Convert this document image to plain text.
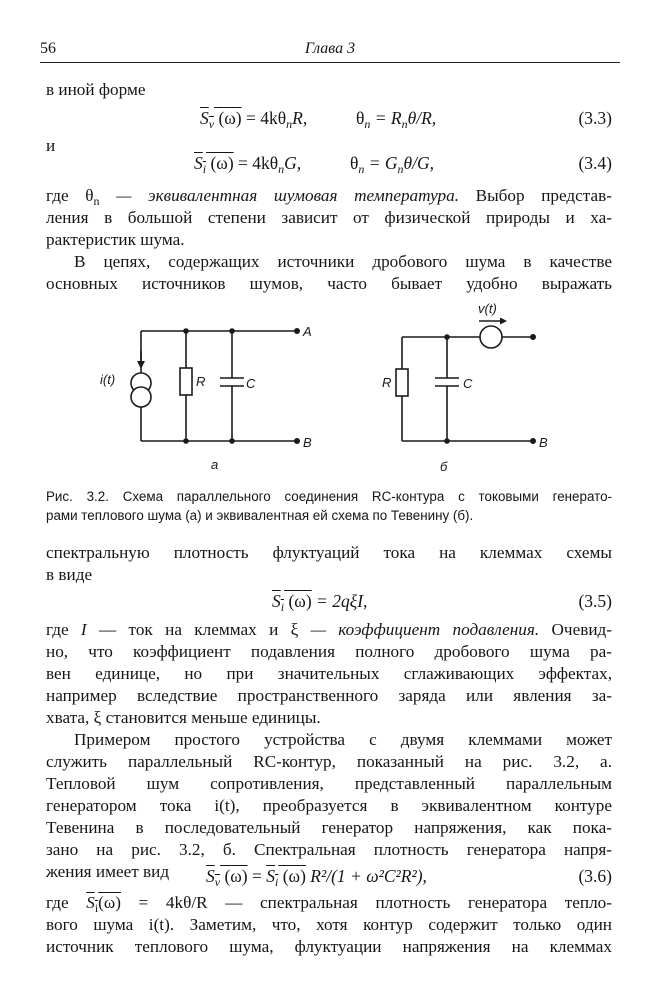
56	Глава 3
в иной форме
$S_v$ $(\omega) = 4k\theta_nR$,	$\theta_n = R_n\theta/R$,	(3.3)
и
$S_i$ $(\omega) = 4k\theta_nG$,	$\theta_n = G_n\theta/G$,	(3.4)
где $\theta_n$ — эквивалентная шумовая температура. Выбор представ-
ления в большой степени зависит от физической природы и ха-
рактеристик шума.
В цепях, содержащих источники дробового шума в качестве
основных источников шумов, часто бывает удобно выражать
A
B
i(t)	R	C
а
B
R	C
v(t)
б
Рис. 3.2. Схема параллельного соединения RC-контура с токовыми генерато-
рами теплового шума (а) и эквивалентная ей схема по Тевенину (б).
спектральную плотность флуктуаций тока на клеммах схемы
в виде
$S_i$ (ω) = 2qξI,	(3.5)
где I — ток на клеммах и ξ — коэффициент подавления. Очевид-
но, что коэффициент подавления полного дробового шума ра-
вен единице, но при значительных сглаживающих эффектах,
например вследствие пространственного заряда или явления за-
хвата, ξ становится меньше единицы.
Примером простого устройства с двумя клеммами может
служить параллельный RC-контур, показанный на рис. 3.2, а.
Тепловой шум сопротивления, представленный параллельным
генератором тока i(t), преобразуется в эквивалентном контуре
Тевенина в последовательный генератор напряжения, как пока-
зано на рис. 3.2, б. Спектральная плотность генератора напря-
жения имеет вид	$S_v$ $(\omega) = S_i$ (ω) R²/(1 + ω²C²R²),	(3.6)
где $S_i(\omega) = 4k\theta/R$ — спектральная плотность генератора тепло-
вого шума i(t). Заметим, что, хотя контур содержит только один
источник теплового шума, флуктуации напряжения на клеммах
